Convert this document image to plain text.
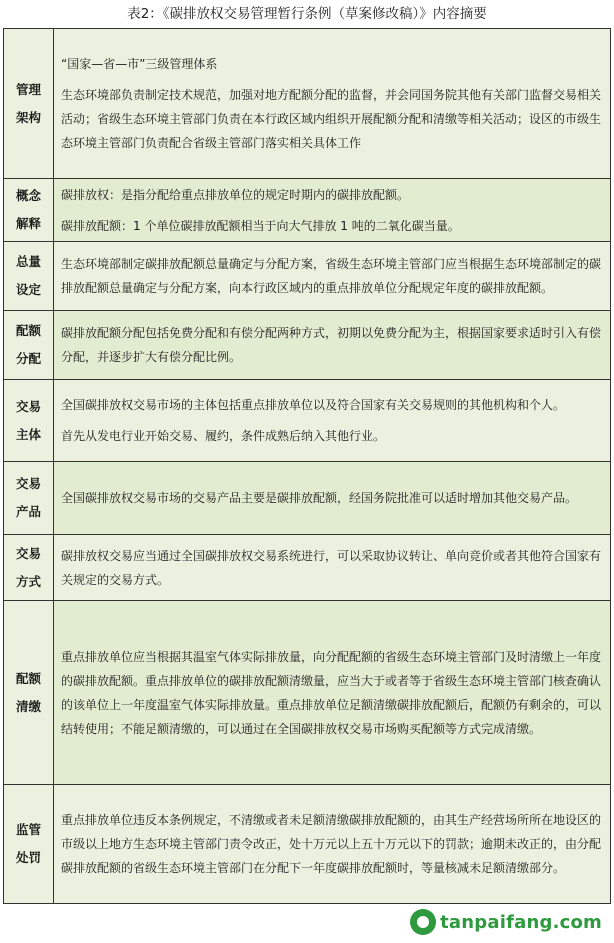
表2：《碳排放权交易管理暂行条例（草案修改稿）》内容摘要
管理
架构

“国家—省—市”三级管理体系

生态环境部负责制定技术规范，加强对地方配额分配的监督，并会同国务院其他有关部门监督交易相关活动；省级生态环境主管部门负责在本行政区域内组织开展配额分配和清缴等相关活动；设区的市级生态环境主管部门负责配合省级主管部门落实相关具体工作

概念
解释

碳排放权：是指分配给重点排放单位的规定时期内的碳排放配额。

碳排放配额：1 个单位碳排放配额相当于向大气排放 1 吨的二氧化碳当量。

总量
设定

生态环境部制定碳排放配额总量确定与分配方案，省级生态环境主管部门应当根据生态环境部制定的碳排放配额总量确定与分配方案，向本行政区域内的重点排放单位分配规定年度的碳排放配额。

配额
分配

碳排放配额分配包括免费分配和有偿分配两种方式，初期以免费分配为主，根据国家要求适时引入有偿分配，并逐步扩大有偿分配比例。

交易
主体

全国碳排放权交易市场的主体包括重点排放单位以及符合国家有关交易规则的其他机构和个人。

首先从发电行业开始交易、履约，条件成熟后纳入其他行业。

交易
产品

全国碳排放权交易市场的交易产品主要是碳排放配额，经国务院批准可以适时增加其他交易产品。

交易
方式

碳排放权交易应当通过全国碳排放权交易系统进行，可以采取协议转让、单向竞价或者其他符合国家有关规定的交易方式。

配额
清缴

重点排放单位应当根据其温室气体实际排放量，向分配配额的省级生态环境主管部门及时清缴上一年度的碳排放配额。重点排放单位的碳排放配额清缴量，应当大于或者等于省级生态环境主管部门核查确认的该单位上一年度温室气体实际排放量。重点排放单位足额清缴碳排放配额后，配额仍有剩余的，可以结转使用；不能足额清缴的，可以通过在全国碳排放权交易市场购买配额等方式完成清缴。

监管
处罚

重点排放单位违反本条例规定，不清缴或者未足额清缴碳排放配额的，由其生产经营场所所在地设区的市级以上地方生态环境主管部门责令改正，处十万元以上五十万元以下的罚款；逾期未改正的，由分配碳排放配额的省级生态环境主管部门在分配下一年度碳排放配额时，等量核减未足额清缴部分。

tanpaifang.com
